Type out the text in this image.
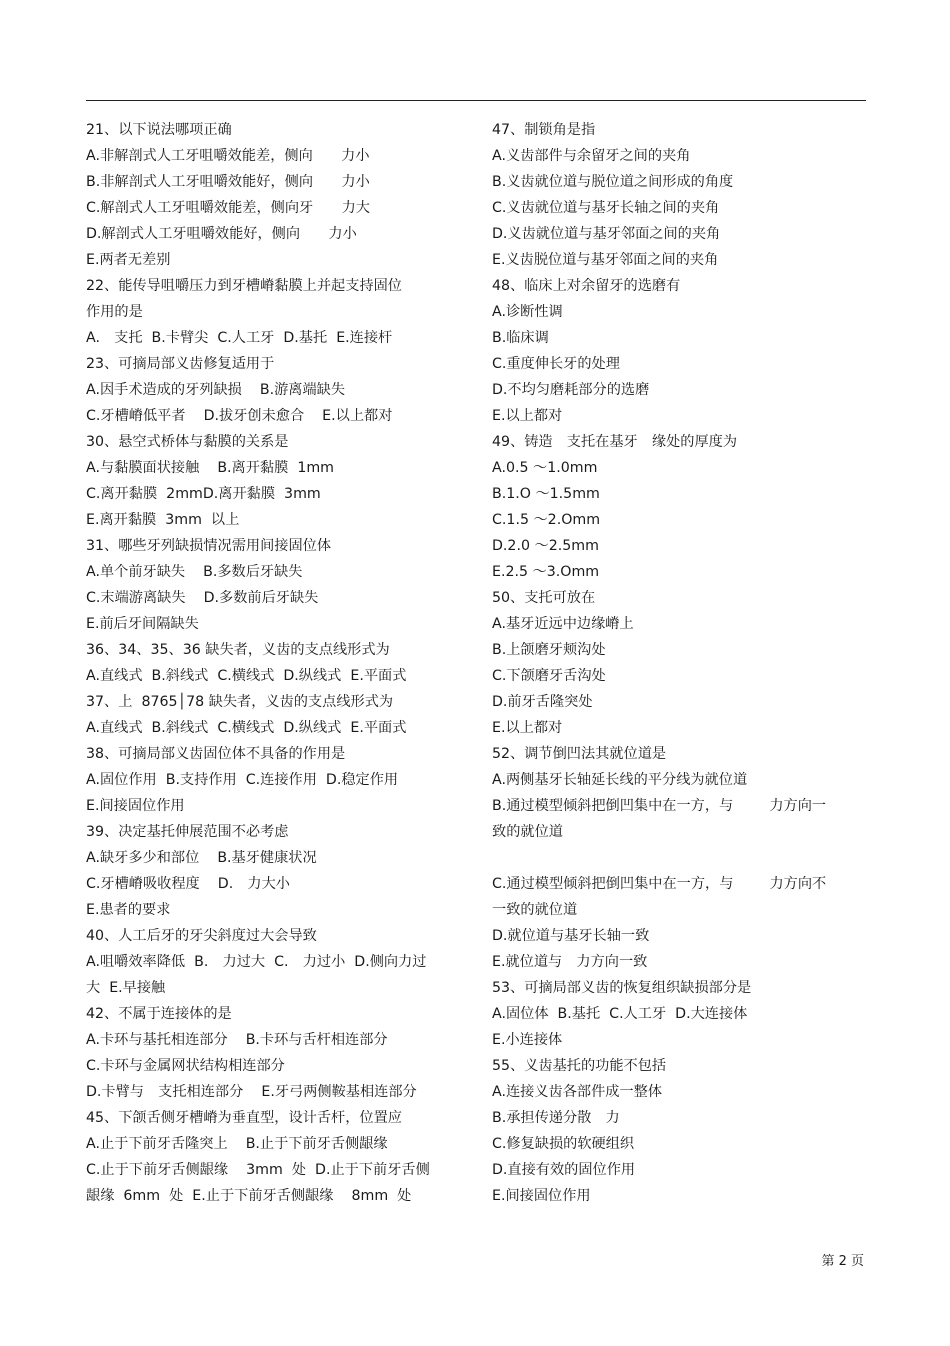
21、以下说法哪项正确
A.非解剖式人工牙咀嚼效能差，侧向　　力小
B.非解剖式人工牙咀嚼效能好，侧向　　力小
C.解剖式人工牙咀嚼效能差，侧向牙　　力大
D.解剖式人工牙咀嚼效能好，侧向　　力小
E.两者无差别
22、能传导咀嚼压力到牙槽嵴黏膜上并起支持固位
作用的是
A.　支托  B.卡臂尖  C.人工牙  D.基托  E.连接杆
23、可摘局部义齿修复适用于
A.因手术造成的牙列缺损    B.游离端缺失
C.牙槽嵴低平者    D.拔牙创未愈合    E.以上都对
30、悬空式桥体与黏膜的关系是
A.与黏膜面状接触    B.离开黏膜  1mm
C.离开黏膜  2mmD.离开黏膜  3mm
E.离开黏膜  3mm  以上
31、哪些牙列缺损情况需用间接固位体
A.单个前牙缺失    B.多数后牙缺失
C.末端游离缺失    D.多数前后牙缺失
E.前后牙间隔缺失
36、34、35、36 缺失者，义齿的支点线形式为
A.直线式  B.斜线式  C.横线式  D.纵线式  E.平面式
37、上  8765│78 缺失者，义齿的支点线形式为
A.直线式  B.斜线式  C.横线式  D.纵线式  E.平面式
38、可摘局部义齿固位体不具备的作用是
A.固位作用  B.支持作用  C.连接作用  D.稳定作用
E.间接固位作用
39、决定基托伸展范围不必考虑
A.缺牙多少和部位    B.基牙健康状况
C.牙槽嵴吸收程度    D.　力大小
E.患者的要求
40、人工后牙的牙尖斜度过大会导致
A.咀嚼效率降低  B.　力过大  C.　力过小  D.侧向力过
大  E.早接触
42、不属于连接体的是
A.卡环与基托相连部分    B.卡环与舌杆相连部分
C.卡环与金属网状结构相连部分
D.卡臂与　支托相连部分    E.牙弓两侧鞍基相连部分
45、下颌舌侧牙槽嵴为垂直型，设计舌杆，位置应
A.止于下前牙舌隆突上    B.止于下前牙舌侧龈缘
C.止于下前牙舌侧龈缘    3mm  处  D.止于下前牙舌侧
龈缘  6mm  处  E.止于下前牙舌侧龈缘    8mm  处
47、制锁角是指
A.义齿部件与余留牙之间的夹角
B.义齿就位道与脱位道之间形成的角度
C.义齿就位道与基牙长轴之间的夹角
D.义齿就位道与基牙邻面之间的夹角
E.义齿脱位道与基牙邻面之间的夹角
48、临床上对余留牙的选磨有
A.诊断性调　
B.临床调　
C.重度伸长牙的处理
D.不均匀磨耗部分的选磨
E.以上都对
49、铸造　支托在基牙　缘处的厚度为
A.0.5 ～1.0mm
B.1.O ～1.5mm
C.1.5 ～2.Omm
D.2.0 ～2.5mm
E.2.5 ～3.Omm
50、支托可放在
A.基牙近远中边缘嵴上
B.上颌磨牙颊沟处
C.下颌磨牙舌沟处
D.前牙舌隆突处
E.以上都对
52、调节倒凹法其就位道是
A.两侧基牙长轴延长线的平分线为就位道
B.通过模型倾斜把倒凹集中在一方，与        力方向一
致的就位道
C.通过模型倾斜把倒凹集中在一方，与        力方向不
一致的就位道
D.就位道与基牙长轴一致
E.就位道与　力方向一致
53、可摘局部义齿的恢复组织缺损部分是
A.固位体  B.基托  C.人工牙  D.大连接体
E.小连接体
55、义齿基托的功能不包括
A.连接义齿各部件成一整体
B.承担传递分散　力
C.修复缺损的软硬组织
D.直接有效的固位作用
E.间接固位作用
第 2 页
